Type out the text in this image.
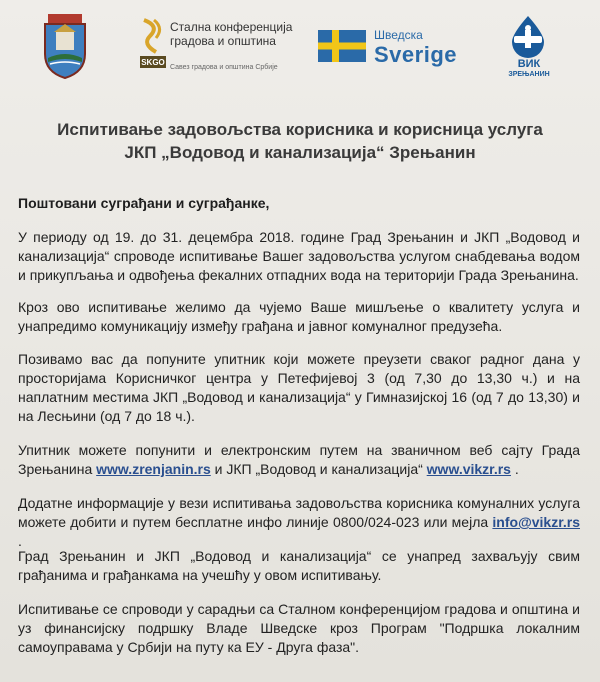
SKGO
Стална конференција
градова и општина
Савез градова и општина Србије
Шведска
Sverige	ВИК
ЗРЕЊАНИН
Испитивање задовољства корисника и корисница услуга
ЈКП „Водовод и канализација“ Зрењанин
Поштовани суграђани и суграђанке,
У периоду од 19. до 31. децембра 2018. године Град Зрењанин и ЈКП „Водовод и канализација“ спроводе испитивање Вашег задовољства услугом снабдевања водом и прикупљања и одвођења фекалних отпадних вода на територији Града Зрењанина.
Кроз ово испитивање желимо да чујемо Ваше мишљење о квалитету услуга и унапредимо комуникацију између грађана и јавног комуналног предузећа.
Позивамо вас да попуните упитник који можете преузети сваког радног дана у просторијама Корисничког центра у Петефијевој 3 (од 7,30 до 13,30 ч.) и на наплатним местима ЈКП „Водовод и канализација“ у Гимназијској 16 (од 7 до 13,30) и на Лесњини (од 7 до 18 ч.).
Упитник можете попунити и електронским путем на званичном веб сајту Града Зрењанина www.zrenjanin.rs и ЈКП „Водовод и канализација“ www.vikzr.rs .
Додатне информације у вези испитивања задовољства корисника комуналних услуга можете добити и путем бесплатне инфо линије 0800/024-023 или мејла info@vikzr.rs .
Град Зрењанин и ЈКП „Водовод и канализација“ се унапред захваљују свим грађанима и грађанкама на учешћу у овом испитивању.
Испитивање се спроводи у сарадњи са Сталном конференцијом градова и општина и уз финансијску подршку Владе Шведске кроз Програм "Подршка локалним самоуправама у Србији на путу ка ЕУ - Друга фаза".
